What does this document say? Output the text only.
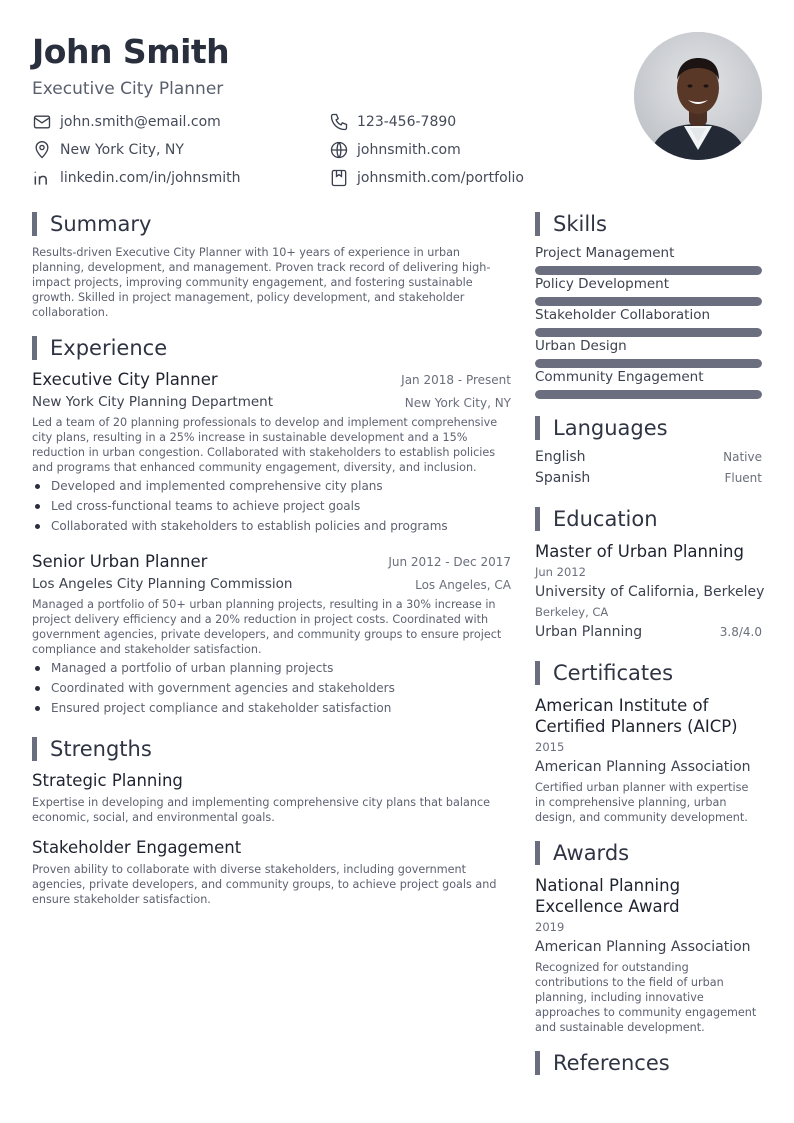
John Smith
Executive City Planner
john.smith@email.com	123-456-7890
New York City, NY	johnsmith.com
linkedin.com/in/johnsmith	johnsmith.com/portfolio
Summary
Results-driven Executive City Planner with 10+ years of experience in urban planning, development, and management. Proven track record of delivering high-impact projects, improving community engagement, and fostering sustainable growth. Skilled in project management, policy development, and stakeholder collaboration.
Experience
Executive City Planner	Jan 2018 - Present
New York City Planning Department	New York City, NY
Led a team of 20 planning professionals to develop and implement comprehensive city plans, resulting in a 25% increase in sustainable development and a 15% reduction in urban congestion. Collaborated with stakeholders to establish policies and programs that enhanced community engagement, diversity, and inclusion.
Developed and implemented comprehensive city plans
Led cross-functional teams to achieve project goals
Collaborated with stakeholders to establish policies and programs
Senior Urban Planner	Jun 2012 - Dec 2017
Los Angeles City Planning Commission	Los Angeles, CA
Managed a portfolio of 50+ urban planning projects, resulting in a 30% increase in project delivery efficiency and a 20% reduction in project costs. Coordinated with government agencies, private developers, and community groups to ensure project compliance and stakeholder satisfaction.
Managed a portfolio of urban planning projects
Coordinated with government agencies and stakeholders
Ensured project compliance and stakeholder satisfaction
Strengths
Strategic Planning
Expertise in developing and implementing comprehensive city plans that balance economic, social, and environmental goals.
Stakeholder Engagement
Proven ability to collaborate with diverse stakeholders, including government agencies, private developers, and community groups, to achieve project goals and ensure stakeholder satisfaction.
Skills
Project Management
Policy Development
Stakeholder Collaboration
Urban Design
Community Engagement
Languages
English	Native
Spanish	Fluent
Education
Master of Urban Planning
Jun 2012
University of California, Berkeley
Berkeley, CA
Urban Planning	3.8/4.0
Certificates
American Institute of Certified Planners (AICP)
2015
American Planning Association
Certified urban planner with expertise in comprehensive planning, urban design, and community development.
Awards
National Planning Excellence Award
2019
American Planning Association
Recognized for outstanding contributions to the field of urban planning, including innovative approaches to community engagement and sustainable development.
References
